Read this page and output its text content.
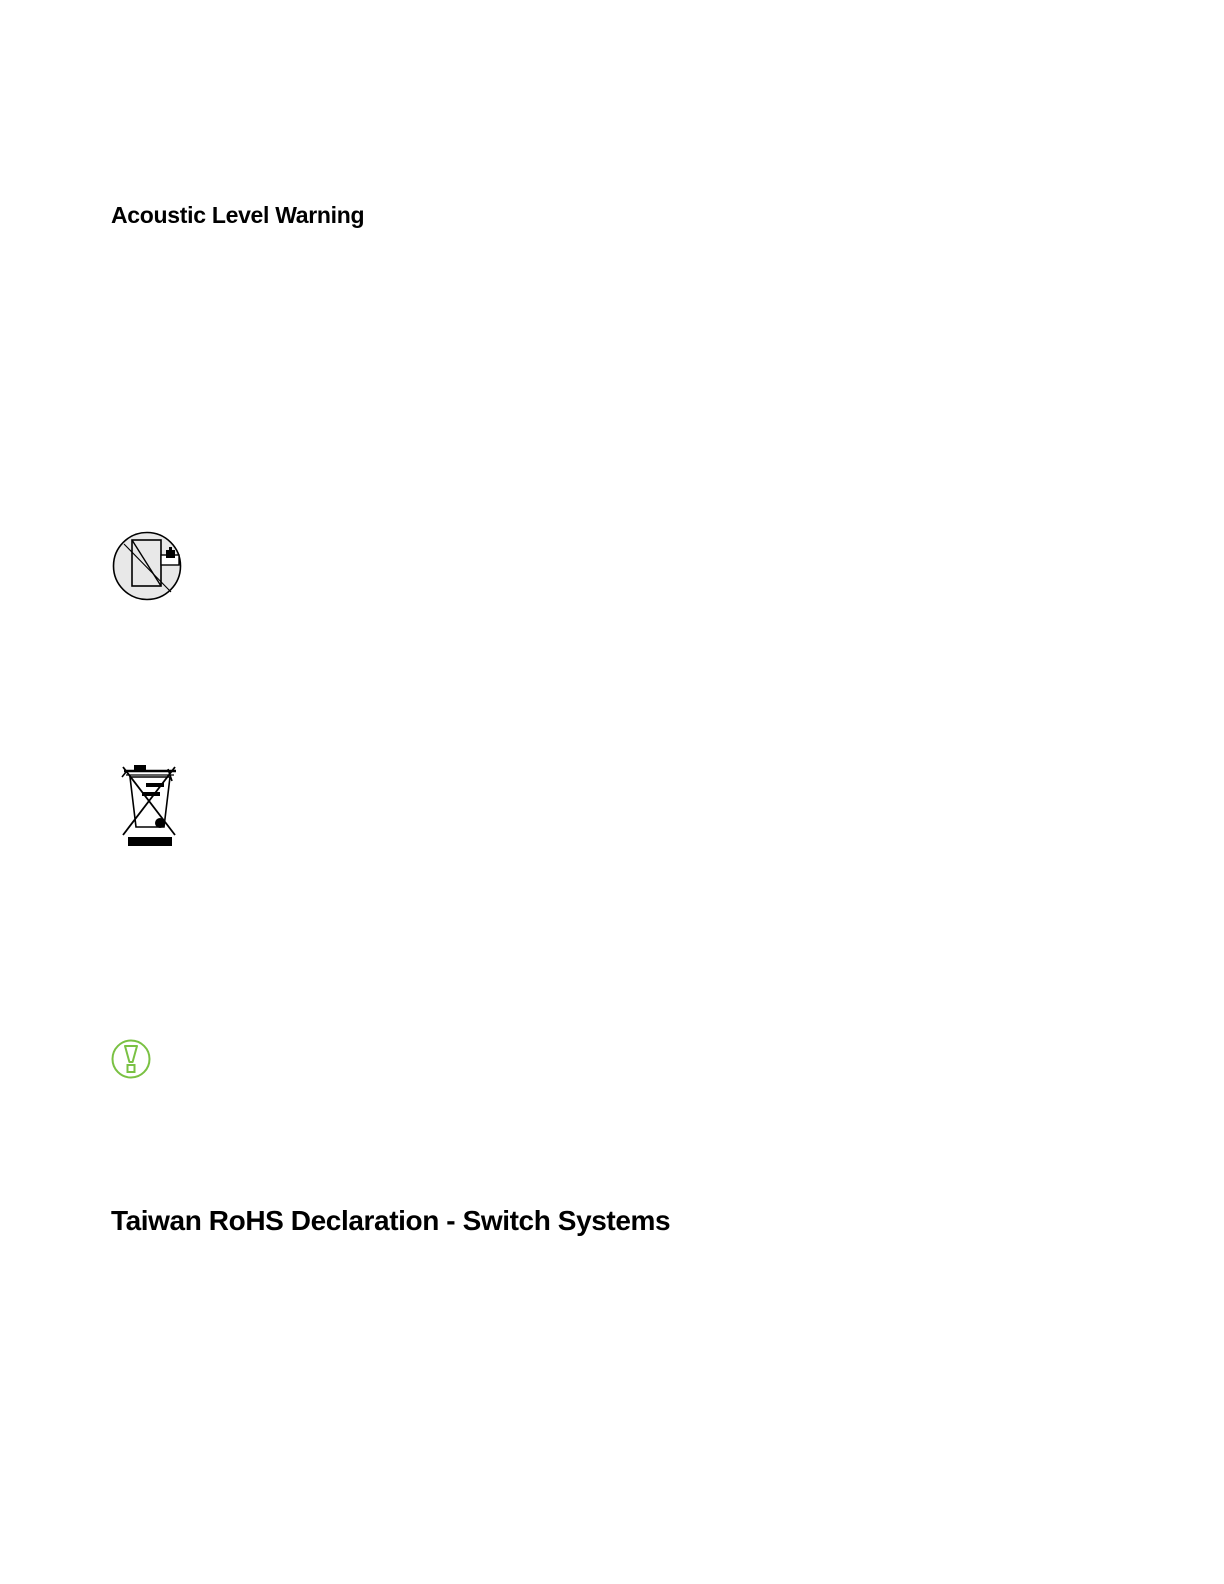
Acoustic Level Warning
Taiwan RoHS Declaration - Switch Systems
